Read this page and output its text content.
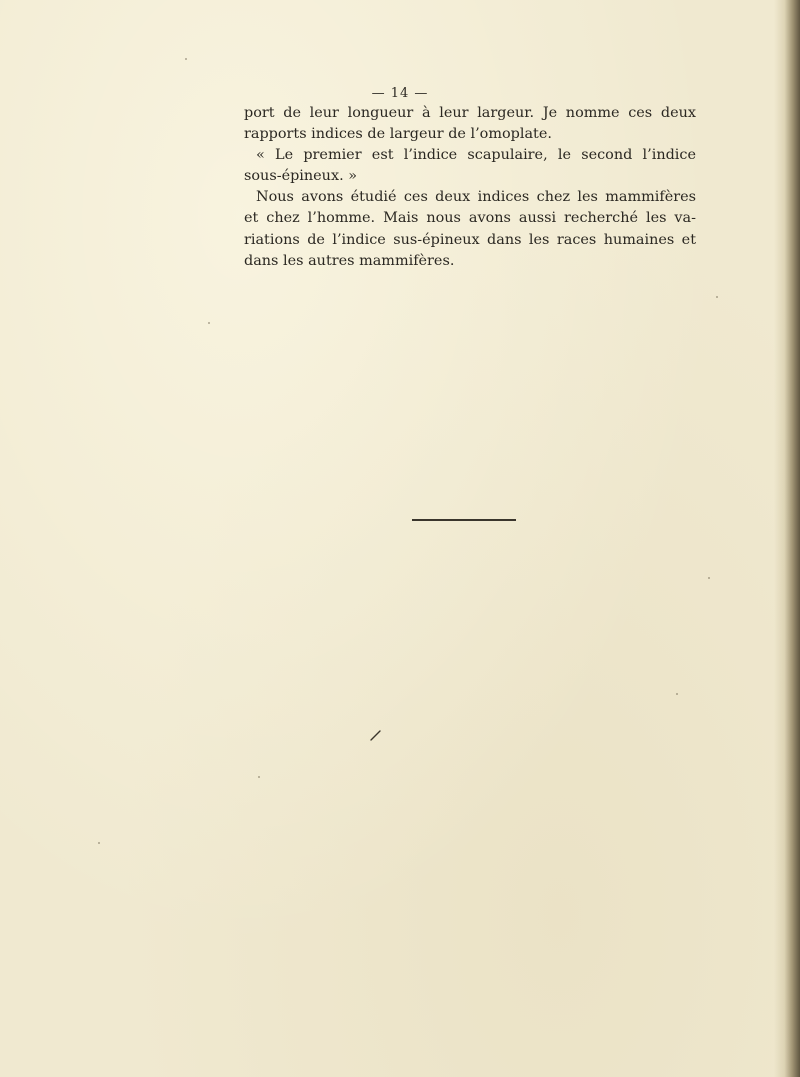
— 14 —

port de leur longueur à leur largeur. Je nomme ces deux

rapports indices de largeur de l’omoplate.

« Le premier est l’indice scapulaire, le second l’indice

sous-épineux. »

Nous avons étudié ces deux indices chez les mammifères

et chez l’homme. Mais nous avons aussi recherché les va-

riations de l’indice sus-épineux dans les races humaines et

dans les autres mammifères.
